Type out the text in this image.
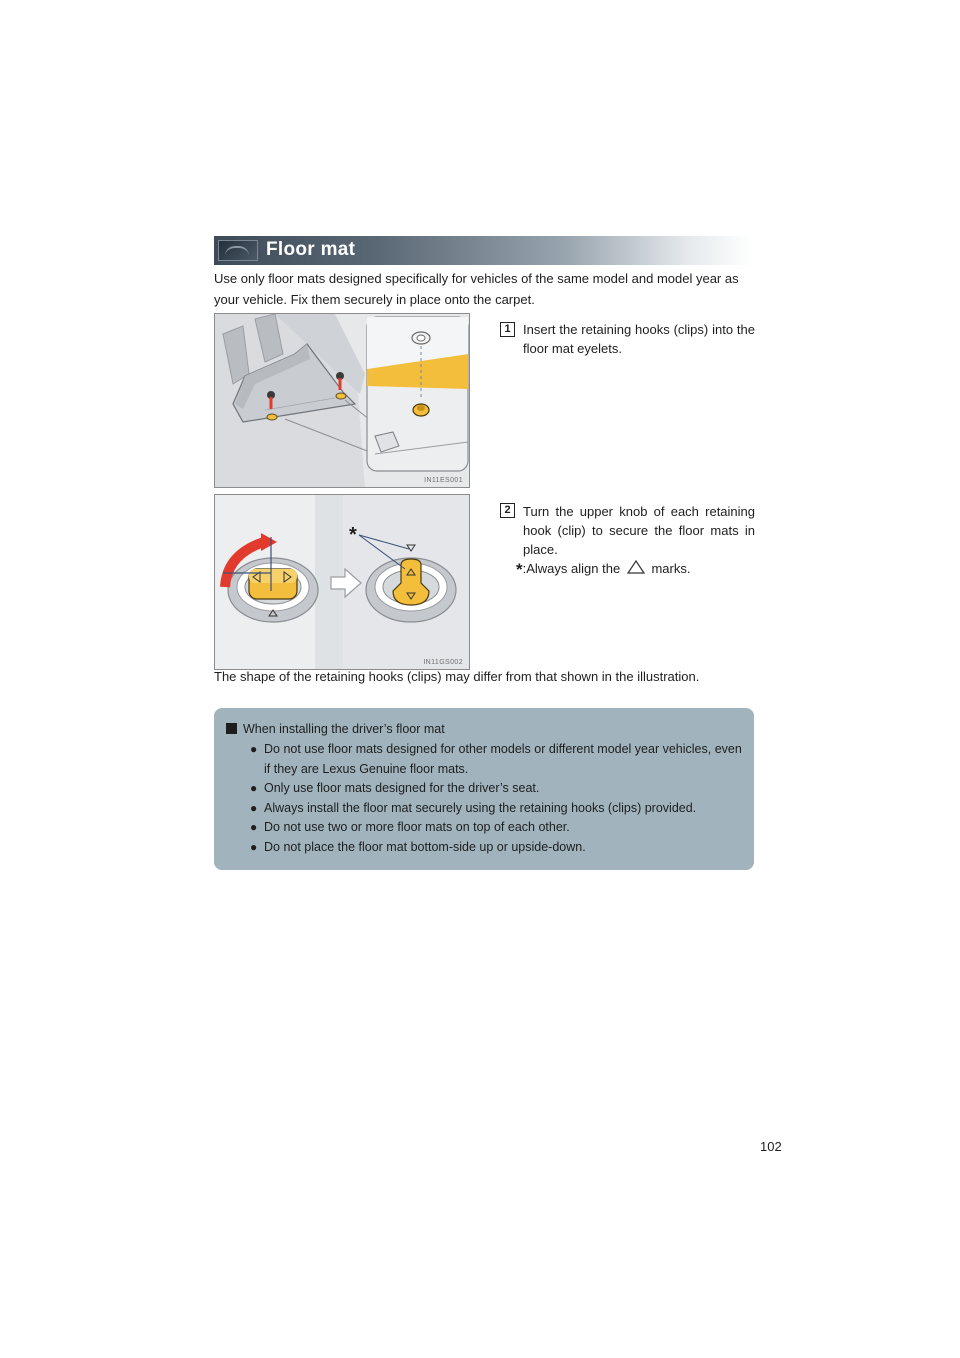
Floor mat

Use only floor mats designed specifically for vehicles of the same model and model year as your vehicle. Fix them securely in place onto the carpet.

IN11ES001
1 Insert the retaining hooks (clips) into the floor mat eyelets.

*
IN11GS002
2 Turn the upper knob of each retaining hook (clip) to secure the floor mats in place.

*:Always align the marks.

The shape of the retaining hooks (clips) may differ from that shown in the illustration.

When installing the driver’s floor mat

● Do not use floor mats designed for other models or different model year vehicles, even if they are Lexus Genuine floor mats.
● Only use floor mats designed for the driver’s seat.
● Always install the floor mat securely using the retaining hooks (clips) provided.
● Do not use two or more floor mats on top of each other.
● Do not place the floor mat bottom-side up or upside-down.
102
